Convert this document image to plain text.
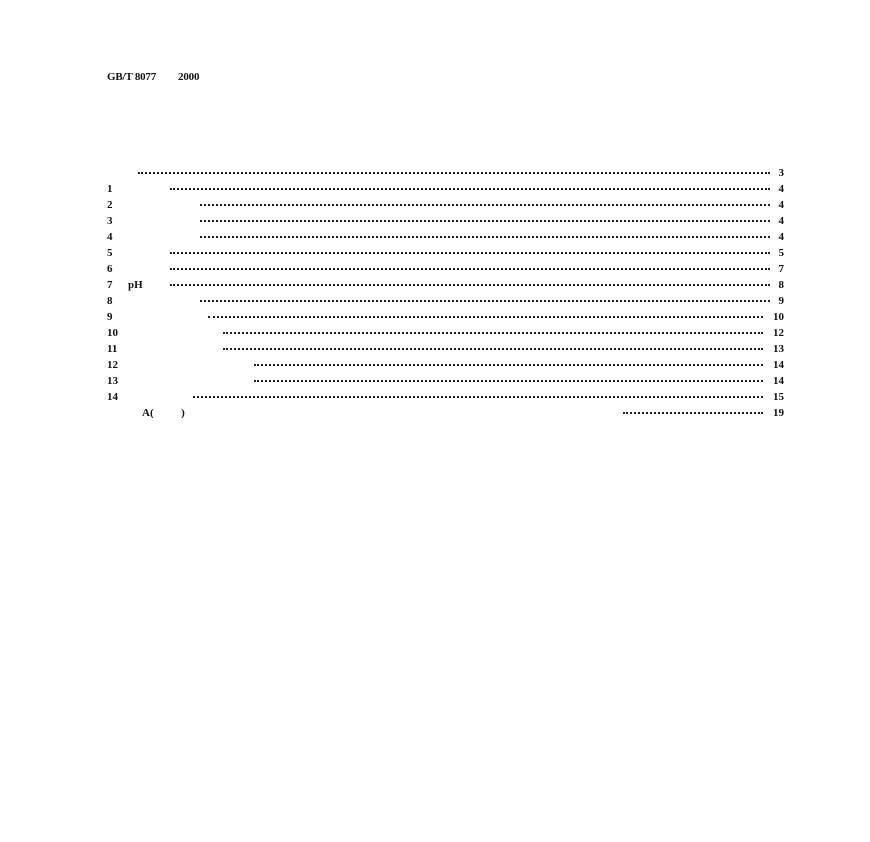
GB/T 8077 2000
3
1	4
2	4
3	4
4	4
5	5
6	7
7 pH	8
8	9
9	10
10	12
11	13
12	14
13	14
14	15
A(          )	19
